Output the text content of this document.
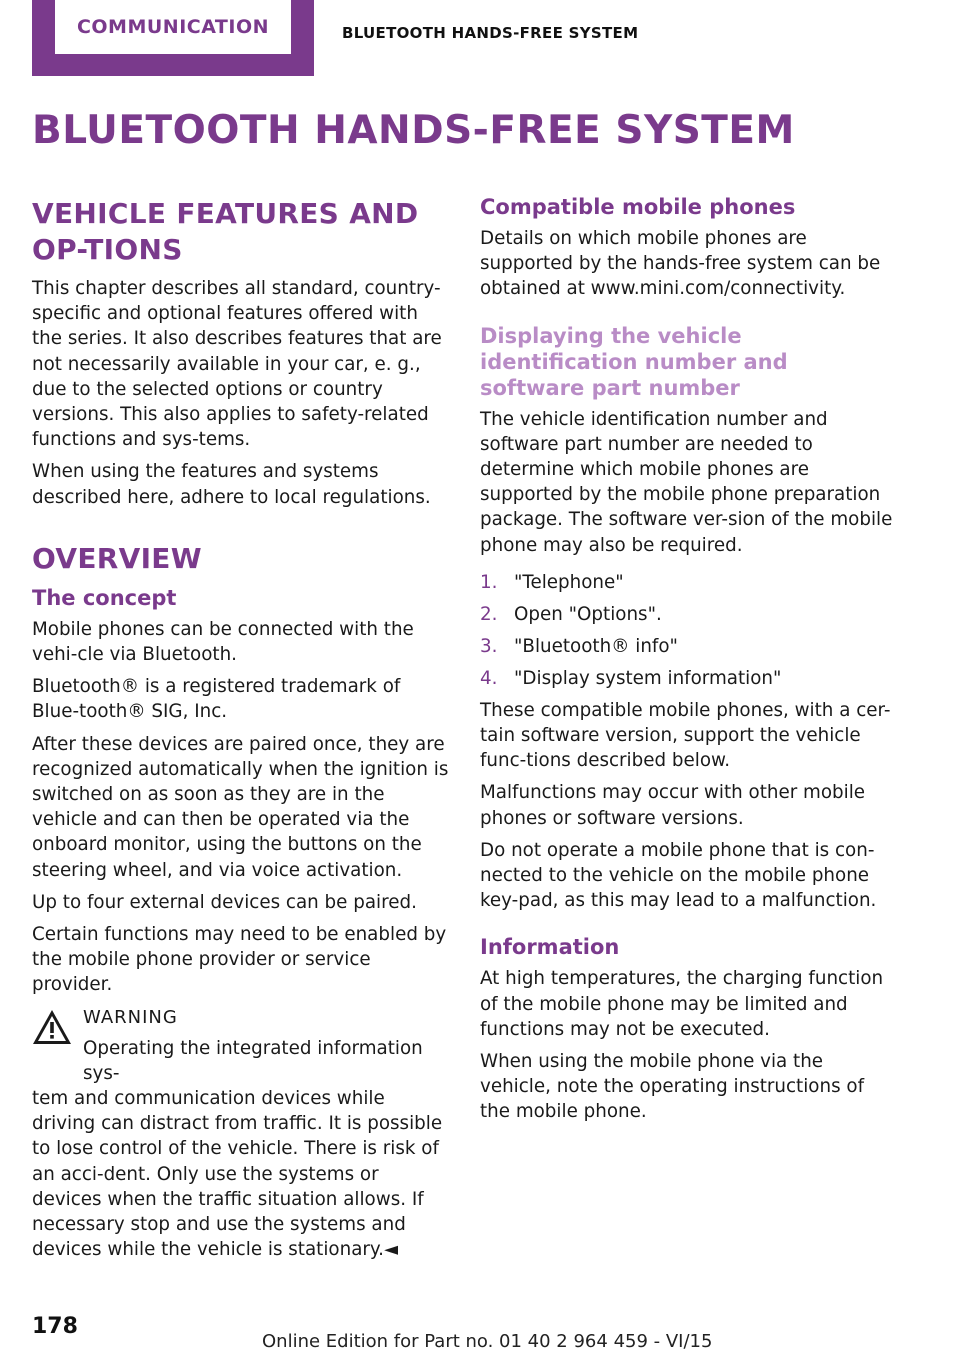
COMMUNICATION	BLUETOOTH HANDS-FREE SYSTEM
BLUETOOTH HANDS-FREE SYSTEM
VEHICLE FEATURES AND OP-TIONS

This chapter describes all standard, country-specific and optional features offered with the series. It also describes features that are not necessarily available in your car, e. g., due to the selected options or country versions. This also applies to safety-related functions and sys-tems.

When using the features and systems described here, adhere to local regulations.

OVERVIEW
The concept

Mobile phones can be connected with the vehi-cle via Bluetooth.

Bluetooth® is a registered trademark of Blue-tooth® SIG, Inc.

After these devices are paired once, they are recognized automatically when the ignition is switched on as soon as they are in the vehicle and can then be operated via the onboard monitor, using the buttons on the steering wheel, and via voice activation.

Up to four external devices can be paired.

Certain functions may need to be enabled by the mobile phone provider or service provider.

WARNING
Operating the integrated information sys-

tem and communication devices while driving can distract from traffic. It is possible to lose control of the vehicle. There is risk of an acci-dent. Only use the systems or devices when the traffic situation allows. If necessary stop and use the systems and devices while the vehicle is stationary.◄

Compatible mobile phones

Details on which mobile phones are supported by the hands-free system can be obtained at www.mini.com/connectivity.

Displaying the vehicle identification number and software part number

The vehicle identification number and software part number are needed to determine which mobile phones are supported by the mobile phone preparation package. The software ver-sion of the mobile phone may also be required.

1. "Telephone"
2. Open "Options".
3. "Bluetooth® info"
4. "Display system information"

These compatible mobile phones, with a cer-tain software version, support the vehicle func-tions described below.

Malfunctions may occur with other mobile phones or software versions.

Do not operate a mobile phone that is con-nected to the vehicle on the mobile phone key-pad, as this may lead to a malfunction.

Information

At high temperatures, the charging function of the mobile phone may be limited and functions may not be executed.

When using the mobile phone via the vehicle, note the operating instructions of the mobile phone.

178
Online Edition for Part no. 01 40 2 964 459 - VI/15
